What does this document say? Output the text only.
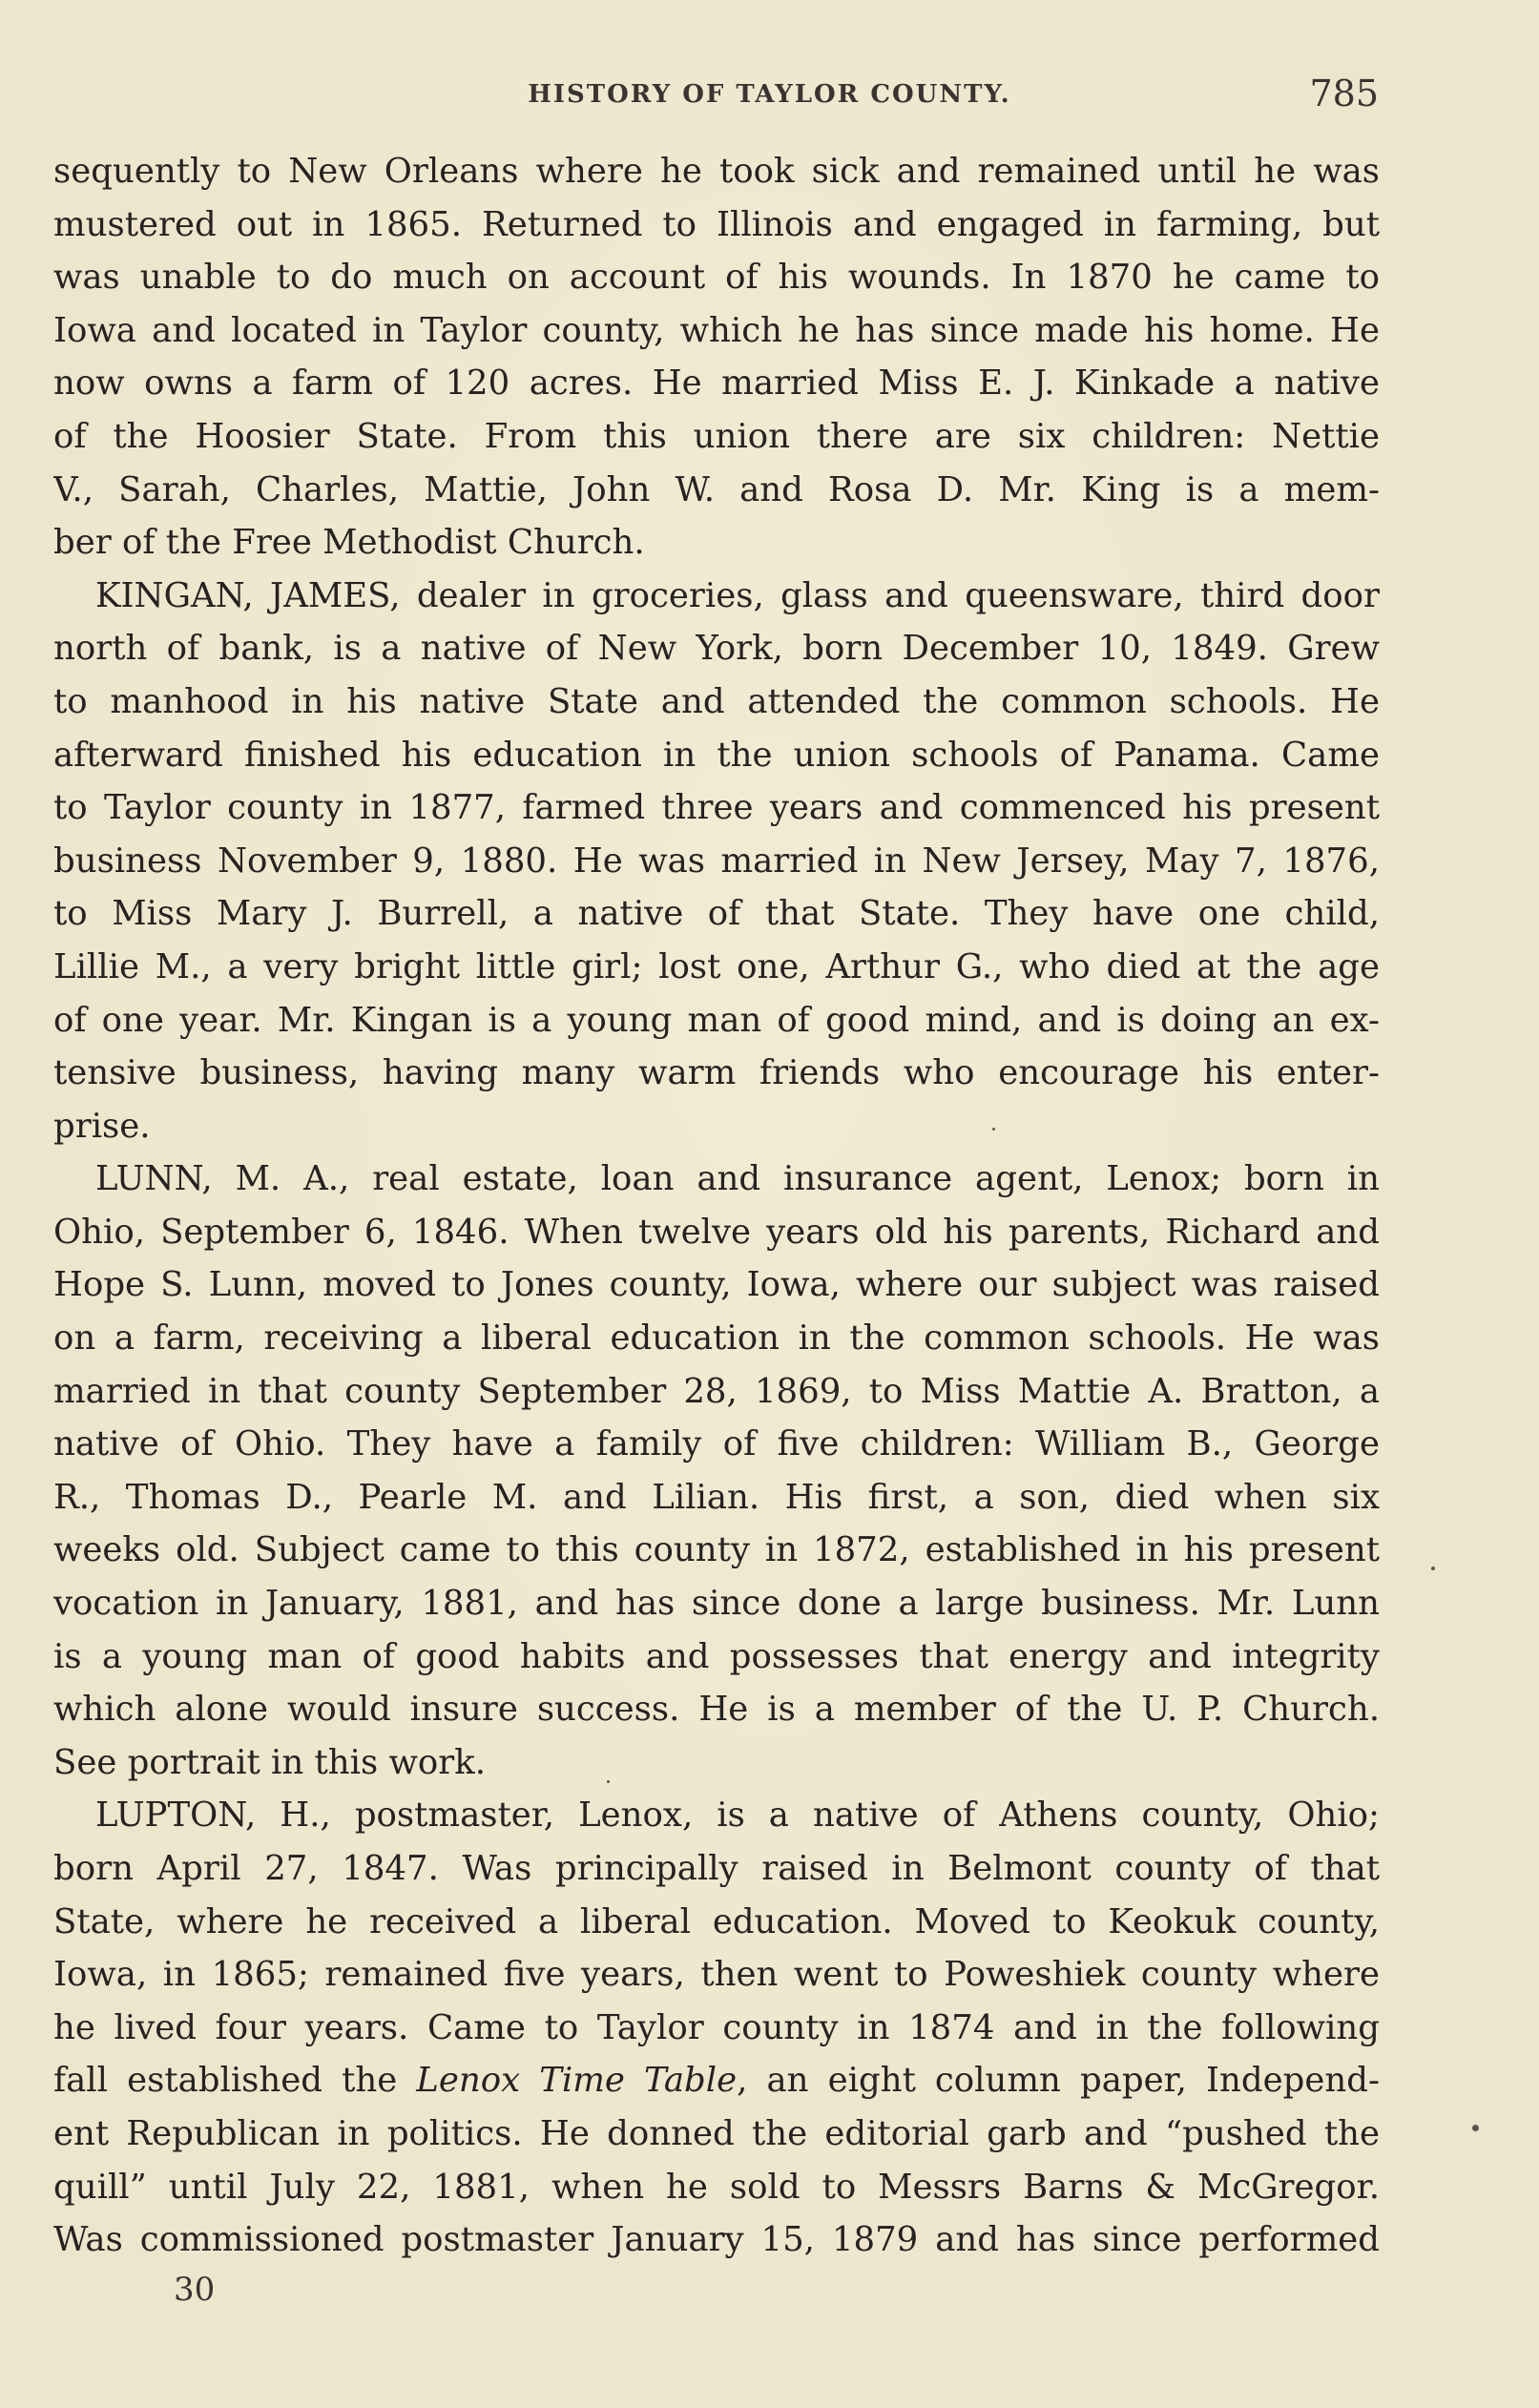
HISTORY OF TAYLOR COUNTY.	785
sequently to New Orleans where he took sick and remained until he was
mustered out in 1865. Returned to Illinois and engaged in farming, but
was unable to do much on account of his wounds. In 1870 he came to
Iowa and located in Taylor county, which he has since made his home. He
now owns a farm of 120 acres. He married Miss E. J. Kinkade a native
of the Hoosier State. From this union there are six children: Nettie
V., Sarah, Charles, Mattie, John W. and Rosa D. Mr. King is a mem-
ber of the Free Methodist Church.
KINGAN, JAMES, dealer in groceries, glass and queensware, third door
north of bank, is a native of New York, born December 10, 1849. Grew
to manhood in his native State and attended the common schools. He
afterward finished his education in the union schools of Panama. Came
to Taylor county in 1877, farmed three years and commenced his present
business November 9, 1880. He was married in New Jersey, May 7, 1876,
to Miss Mary J. Burrell, a native of that State. They have one child,
Lillie M., a very bright little girl; lost one, Arthur G., who died at the age
of one year. Mr. Kingan is a young man of good mind, and is doing an ex-
tensive business, having many warm friends who encourage his enter-
prise.
LUNN, M. A., real estate, loan and insurance agent, Lenox; born in
Ohio, September 6, 1846. When twelve years old his parents, Richard and
Hope S. Lunn, moved to Jones county, Iowa, where our subject was raised
on a farm, receiving a liberal education in the common schools. He was
married in that county September 28, 1869, to Miss Mattie A. Bratton, a
native of Ohio. They have a family of five children: William B., George
R., Thomas D., Pearle M. and Lilian. His first, a son, died when six
weeks old. Subject came to this county in 1872, established in his present
vocation in January, 1881, and has since done a large business. Mr. Lunn
is a young man of good habits and possesses that energy and integrity
which alone would insure success. He is a member of the U. P. Church.
See portrait in this work.
LUPTON, H., postmaster, Lenox, is a native of Athens county, Ohio;
born April 27, 1847. Was principally raised in Belmont county of that
State, where he received a liberal education. Moved to Keokuk county,
Iowa, in 1865; remained five years, then went to Poweshiek county where
he lived four years. Came to Taylor county in 1874 and in the following
fall established the Lenox Time Table, an eight column paper, Independ-
ent Republican in politics. He donned the editorial garb and “pushed the
quill” until July 22, 1881, when he sold to Messrs Barns & McGregor.
Was commissioned postmaster January 15, 1879 and has since performed
30
